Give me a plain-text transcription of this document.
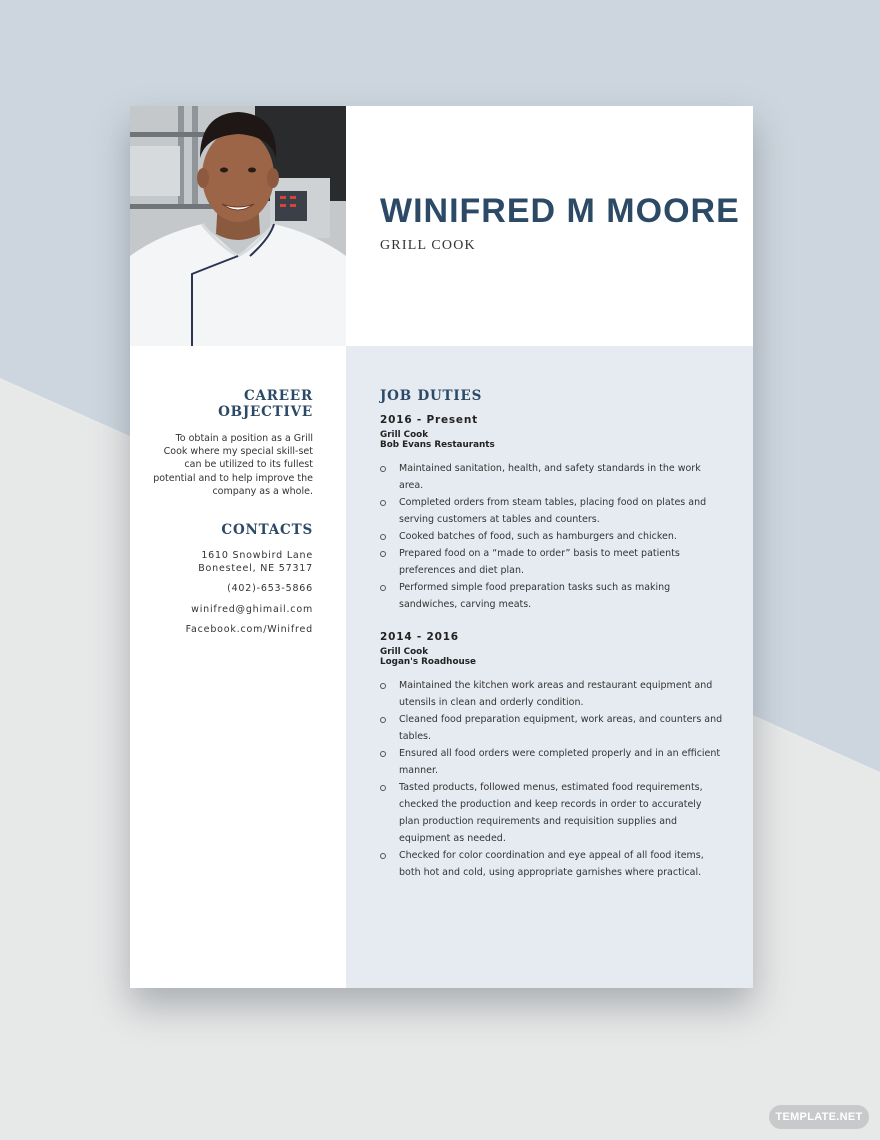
WINIFRED M MOORE
GRILL COOK
CAREER OBJECTIVE

To obtain a position as a Grill Cook where my special skill-set can be utilized to its fullest potential and to help improve the company as a whole.

CONTACTS
1610 Snowbird Lane
Bonesteel, NE 57317
(402)-653-5866
winifred@ghimail.com
Facebook.com/Winifred
JOB DUTIES
2016 - Present
Grill Cook
Bob Evans Restaurants
Maintained sanitation, health, and safety standards in the work area.
Completed orders from steam tables, placing food on plates and serving customers at tables and counters.
Cooked batches of food, such as hamburgers and chicken.
Prepared food on a “made to order” basis to meet patients preferences and diet plan.
Performed simple food preparation tasks such as making sandwiches, carving meats.
2014 - 2016
Grill Cook
Logan's Roadhouse
Maintained the kitchen work areas and restaurant equipment and utensils in clean and orderly condition.
Cleaned food preparation equipment, work areas, and counters and tables.
Ensured all food orders were completed properly and in an efficient manner.
Tasted products, followed menus, estimated food requirements, checked the production and keep records in order to accurately plan production requirements and requisition supplies and equipment as needed.
Checked for color coordination and eye appeal of all food items, both hot and cold, using appropriate garnishes where practical.
TEMPLATE.NET
